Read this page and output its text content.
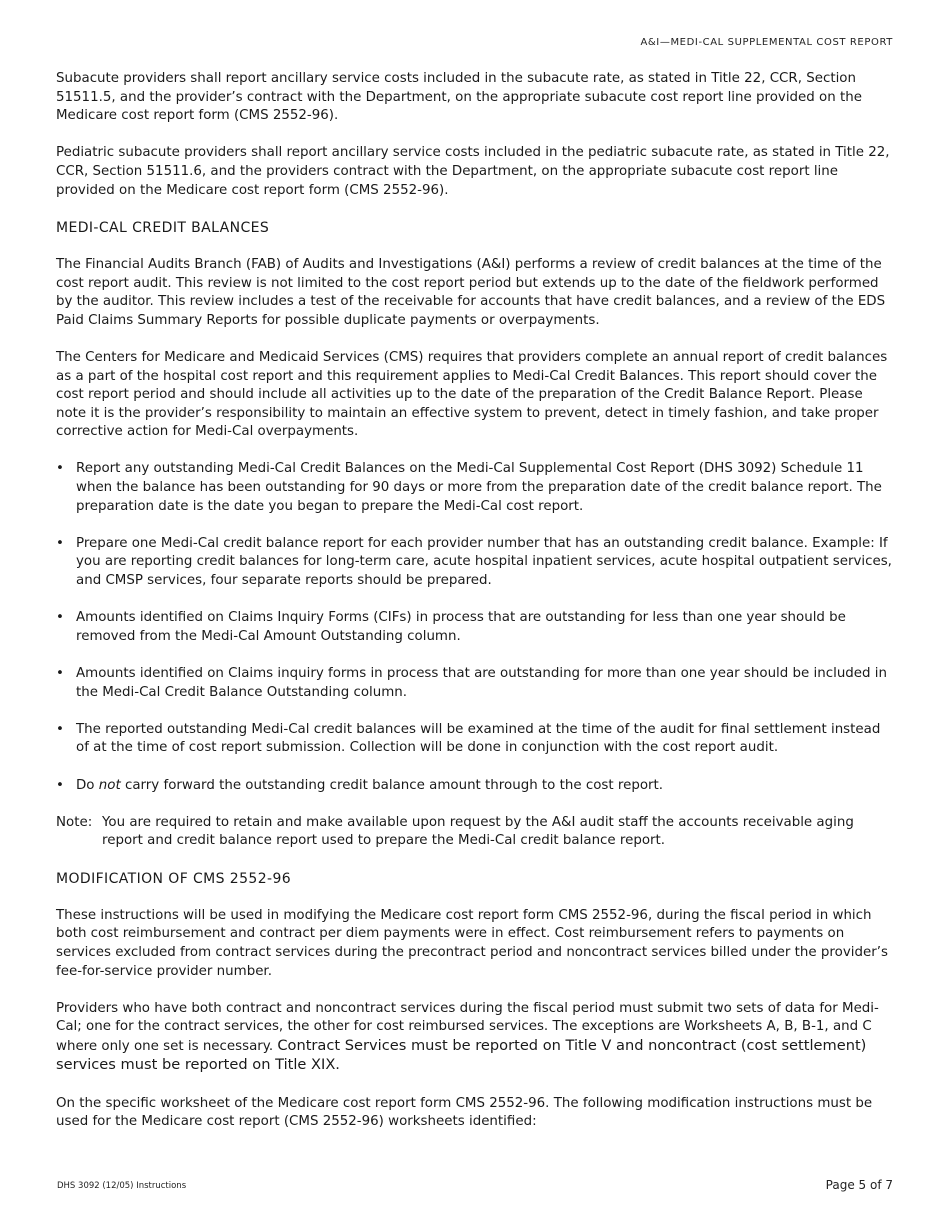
A&I—MEDI-CAL SUPPLEMENTAL COST REPORT

Subacute providers shall report ancillary service costs included in the subacute rate, as stated in Title 22, CCR, Section 51511.5, and the provider’s contract with the Department, on the appropriate subacute cost report line provided on the Medicare cost report form (CMS 2552-96).

Pediatric subacute providers shall report ancillary service costs included in the pediatric subacute rate, as stated in Title 22, CCR, Section 51511.6, and the providers contract with the Department, on the appropriate subacute cost report line provided on the Medicare cost report form (CMS 2552-96).

MEDI-CAL CREDIT BALANCES

The Financial Audits Branch (FAB) of Audits and Investigations (A&I) performs a review of credit balances at the time of the cost report audit. This review is not limited to the cost report period but extends up to the date of the fieldwork performed by the auditor. This review includes a test of the receivable for accounts that have credit balances, and a review of the EDS Paid Claims Summary Reports for possible duplicate payments or overpayments.

The Centers for Medicare and Medicaid Services (CMS) requires that providers complete an annual report of credit balances as a part of the hospital cost report and this requirement applies to Medi-Cal Credit Balances. This report should cover the cost report period and should include all activities up to the date of the preparation of the Credit Balance Report. Please note it is the provider’s responsibility to maintain an effective system to prevent, detect in timely fashion, and take proper corrective action for Medi-Cal overpayments.

• Report any outstanding Medi-Cal Credit Balances on the Medi-Cal Supplemental Cost Report (DHS 3092) Schedule 11 when the balance has been outstanding for 90 days or more from the preparation date of the credit balance report. The preparation date is the date you began to prepare the Medi-Cal cost report.
• Prepare one Medi-Cal credit balance report for each provider number that has an outstanding credit balance. Example: If you are reporting credit balances for long-term care, acute hospital inpatient services, acute hospital outpatient services, and CMSP services, four separate reports should be prepared.
• Amounts identified on Claims Inquiry Forms (CIFs) in process that are outstanding for less than one year should be removed from the Medi-Cal Amount Outstanding column.
• Amounts identified on Claims inquiry forms in process that are outstanding for more than one year should be included in the Medi-Cal Credit Balance Outstanding column.
• The reported outstanding Medi-Cal credit balances will be examined at the time of the audit for final settlement instead of at the time of cost report submission. Collection will be done in conjunction with the cost report audit.
• Do not carry forward the outstanding credit balance amount through to the cost report.
Note: You are required to retain and make available upon request by the A&I audit staff the accounts receivable aging report and credit balance report used to prepare the Medi-Cal credit balance report.
MODIFICATION OF CMS 2552-96

These instructions will be used in modifying the Medicare cost report form CMS 2552-96, during the fiscal period in which both cost reimbursement and contract per diem payments were in effect. Cost reimbursement refers to payments on services excluded from contract services during the precontract period and noncontract services billed under the provider’s fee-for-service provider number.

Providers who have both contract and noncontract services during the fiscal period must submit two sets of data for Medi-Cal; one for the contract services, the other for cost reimbursed services. The exceptions are Worksheets A, B, B-1, and C where only one set is necessary. Contract Services must be reported on Title V and noncontract (cost settlement) services must be reported on Title XIX.

On the specific worksheet of the Medicare cost report form CMS 2552-96. The following modification instructions must be used for the Medicare cost report (CMS 2552-96) worksheets identified:

DHS 3092 (12/05) Instructions	Page 5 of 7
